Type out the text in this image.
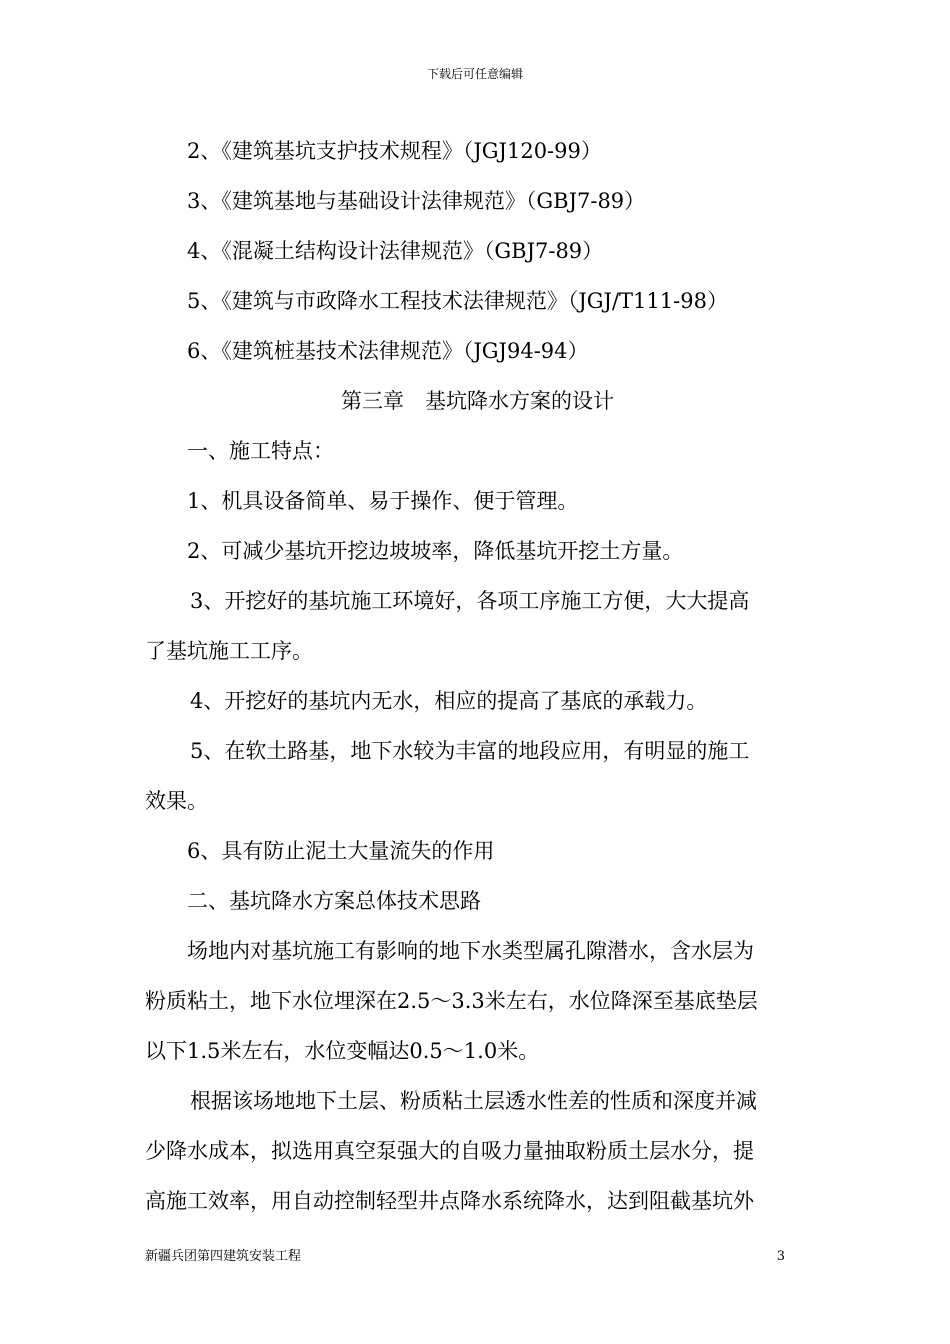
下载后可任意编辑
2、《建筑基坑支护技术规程》（JGJ120-99）
3、《建筑基地与基础设计法律规范》（GBJ7-89）
4、《混凝土结构设计法律规范》（GBJ7-89）
5、《建筑与市政降水工程技术法律规范》（JGJ/T111-98）
6、《建筑桩基技术法律规范》（JGJ94-94）
第三章　基坑降水方案的设计
一、施工特点：
1、机具设备简单、易于操作、便于管理。
2、可减少基坑开挖边坡坡率，降低基坑开挖土方量。
3、开挖好的基坑施工环境好，各项工序施工方便，大大提高
了基坑施工工序。
4、开挖好的基坑内无水，相应的提高了基底的承载力。
5、在软土路基，地下水较为丰富的地段应用，有明显的施工
效果。
6、具有防止泥土大量流失的作用
二、基坑降水方案总体技术思路
场地内对基坑施工有影响的地下水类型属孔隙潜水，含水层为
粉质粘土，地下水位埋深在2.5～3.3米左右，水位降深至基底垫层
以下1.5米左右，水位变幅达0.5～1.0米。
根据该场地地下土层、粉质粘土层透水性差的性质和深度并减
少降水成本，拟选用真空泵强大的自吸力量抽取粉质土层水分，提
高施工效率，用自动控制轻型井点降水系统降水，达到阻截基坑外
新疆兵团第四建筑安装工程	3
